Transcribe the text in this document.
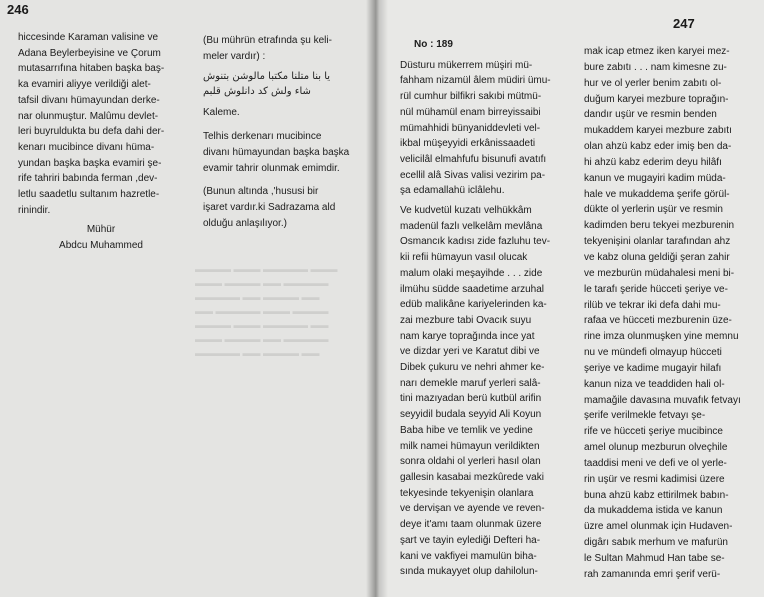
246
▬▬▬▬ ▬▬▬ ▬▬▬▬▬ ▬▬▬
▬▬▬ ▬▬▬▬ ▬▬ ▬▬▬▬▬
▬▬▬▬▬ ▬▬ ▬▬▬▬ ▬▬
▬▬ ▬▬▬▬▬ ▬▬▬ ▬▬▬▬
▬▬▬▬ ▬▬▬ ▬▬▬▬▬ ▬▬
▬▬▬ ▬▬▬▬ ▬▬ ▬▬▬▬▬
▬▬▬▬▬ ▬▬ ▬▬▬▬ ▬▬
hiccesinde Karaman valisine ve
Adana Beylerbeyisine ve Çorum
mutasarrıfına hitaben başka baş-
ka evamiri aliyye verildiği alet-
tafsil divanı hümayundan derke-
nar olunmuştur. Malûmu devlet-
leri buyruldukta bu defa dahi der-
kenarı mucibince divanı hüma-
yundan başka başka evamiri şe-
rife tahriri babında ferman ,dev-
letlu saadetlu sultanım hazretle-
rinindir.
Mühür
Abdcu Muhammed
(Bu mührün etrafında şu keli-
meler vardır) :
یا بنا متلنا مکتبا مالوشن بتنوش
شاء ولش کد دانلوش قلبم
Kaleme.
Telhis derkenarı mucibince
divanı hümayundan başka başka
evamir tahrir olunmak emimdir.
(Bunun altında ,'hususi bir
işaret vardır.ki Sadrazama ald
olduğu anlaşılıyor.)
247
No : 189
Düsturu mükerrem müşiri mü-
fahham nizamül âlem müdiri ümu-
rül cumhur bilfikri sakıbi mütmü-
nül mühamül enam birreyissaibi
mümahhidi bünyaniddevleti vel-
ikbal müşeyyidi erkânissaadeti
velicilâl elmahfufu bisunufi avatıfı
ecellil alâ Sivas valisi vezirim pa-
şa edamallahü iclâlehu.
Ve kudvetül kuzatı velhükkâm
madenül fazlı velkelâm mevlâna
Osmancık kadısı zide fazluhu tev-
kii refii hümayun vasıl olucak
malum olaki meşayihde . . . zide
ilmühu südde saadetime arzuhal
edüb malikâne kariyelerinden ka-
zai mezbure tabi Ovacık suyu
nam karye toprağında ince yat
ve dizdar yeri ve Karatut dibi ve
Dibek çukuru ve nehri ahmer ke-
narı demekle maruf yerleri salâ-
tini mazıyadan berü kutbül arifin
seyyidil budala seyyid Ali Koyun
Baba hibe ve temlik ve yedine
milk namei hümayun verildikten
sonra oldahi ol yerleri hasıl olan
gallesin kasabai mezkûrede vaki
tekyesinde tekyenişin olanlara
ve dervişan ve ayende ve reven-
deye it'amı taam olunmak üzere
şart ve tayin eylediği Defteri ha-
kani ve vakfiyei mamulün biha-
sında mukayyet olup dahilolun-
mak icap etmez iken karyei mez-
bure zabıtı . . . nam kimesne zu-
hur ve ol yerler benim zabıtı ol-
duğum karyei mezbure toprağın-
dandır uşür ve resmin benden
mukaddem karyei mezbure zabıtı
olan ahzü kabz eder imiş ben da-
hi ahzü kabz ederim deyu hilâfı
kanun ve mugayiri kadim müda-
hale ve mukaddema şerife görül-
dükte ol yerlerin uşür ve resmin
kadimden beru tekyei mezburenin
tekyenişini olanlar tarafından ahz
ve kabz oluna geldiği şeran zahir
ve mezburün müdahalesi meni bi-
le tarafı şeride hücceti şeriye ve-
rilüb ve tekrar iki defa dahi mu-
rafaa ve hücceti mezburenin üze-
rine imza olunmuşken yine memnu
nu ve mündefi olmayup hücceti
şeriye ve kadime mugayir hilafı
kanun niza ve teaddiden hali ol-
mamağile davasına muvafık fetvayı
şerife verilmekle fetvayı şe-
rife ve hücceti şeriye mucibince
amel olunup mezburun olveçhile
taaddisi meni ve defi ve ol yerle-
rin uşür ve resmi kadimisi üzere
buna ahzü kabz ettirilmek babın-
da mukaddema istida ve kanun
üzre amel olunmak için Hudaven-
digârı sabık merhum ve mafurün
le Sultan Mahmud Han tabe se-
rah zamanında emri şerif verü-
